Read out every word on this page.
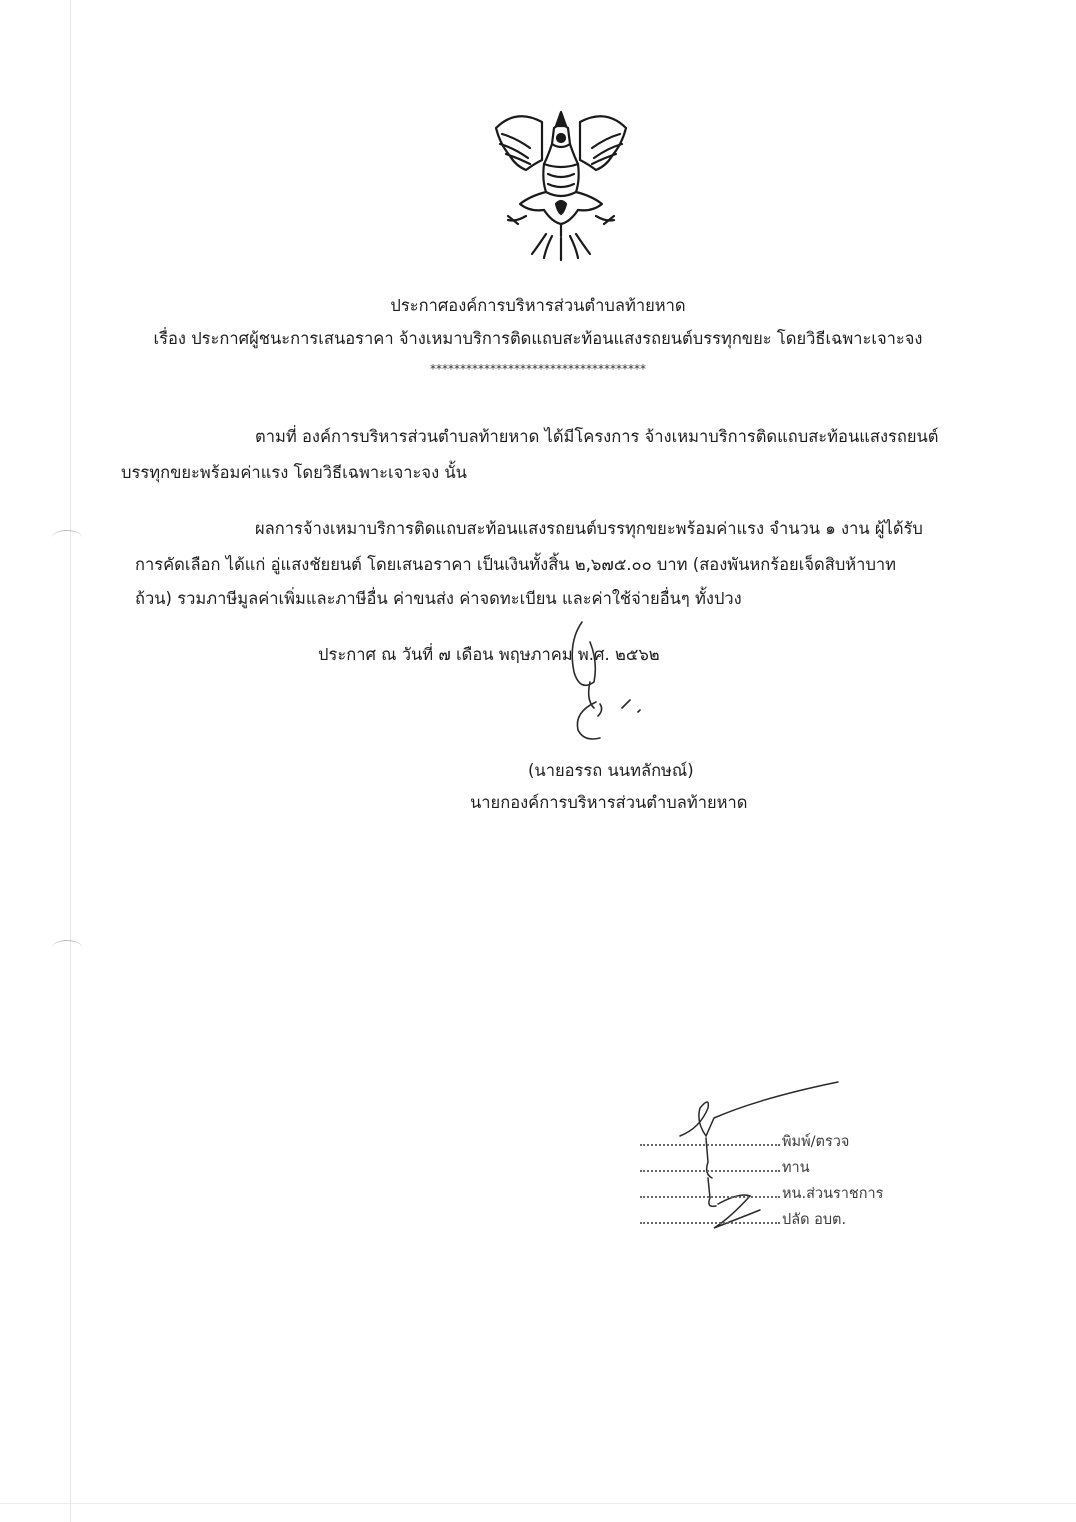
ประกาศองค์การบริหารส่วนตำบลท้ายหาด
เรื่อง ประกาศผู้ชนะการเสนอราคา จ้างเหมาบริการติดแถบสะท้อนแสงรถยนต์บรรทุกขยะ โดยวิธีเฉพาะเจาะจง
************************************
ตามที่ องค์การบริหารส่วนตำบลท้ายหาด ได้มีโครงการ จ้างเหมาบริการติดแถบสะท้อนแสงรถยนต์
บรรทุกขยะพร้อมค่าแรง โดยวิธีเฉพาะเจาะจง นั้น
ผลการจ้างเหมาบริการติดแถบสะท้อนแสงรถยนต์บรรทุกขยะพร้อมค่าแรง จำนวน ๑ งาน ผู้ได้รับ
การคัดเลือก ได้แก่ อู่แสงชัยยนต์ โดยเสนอราคา เป็นเงินทั้งสิ้น ๒,๖๗๕.๐๐ บาท (สองพันหกร้อยเจ็ดสิบห้าบาท
ถ้วน) รวมภาษีมูลค่าเพิ่มและภาษีอื่น ค่าขนส่ง ค่าจดทะเบียน และค่าใช้จ่ายอื่นๆ ทั้งปวง
ประกาศ ณ วันที่ ๗ เดือน พฤษภาคม พ.ศ. ๒๕๖๒
(นายอรรถ นนทลักษณ์)
นายกองค์การบริหารส่วนตำบลท้ายหาด
พิมพ์/ตรวจ
ทาน
หน.ส่วนราชการ
ปลัด อบต.
